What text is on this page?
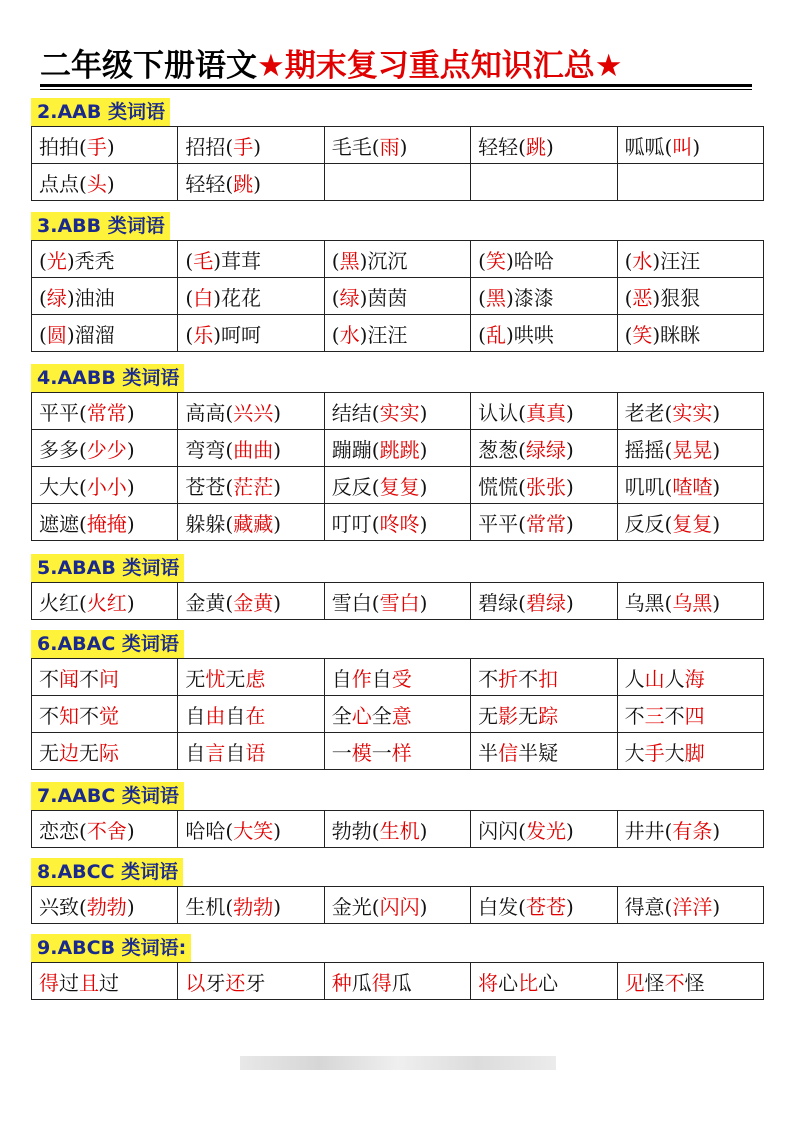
二年级下册语文★期末复习重点知识汇总★
2.AAB 类词语
拍拍(手)	招招(手)	毛毛(雨)	轻轻(跳)	呱呱(叫)
点点(头)	轻轻(跳)			
3.ABB 类词语
(光)秃秃	(毛)茸茸	(黑)沉沉	(笑)哈哈	(水)汪汪
(绿)油油	(白)花花	(绿)茵茵	(黑)漆漆	(恶)狠狠
(圆)溜溜	(乐)呵呵	(水)汪汪	(乱)哄哄	(笑)眯眯
4.AABB 类词语
平平(常常)	高高(兴兴)	结结(实实)	认认(真真)	老老(实实)
多多(少少)	弯弯(曲曲)	蹦蹦(跳跳)	葱葱(绿绿)	摇摇(晃晃)
大大(小小)	苍苍(茫茫)	反反(复复)	慌慌(张张)	叽叽(喳喳)
遮遮(掩掩)	躲躲(藏藏)	叮叮(咚咚)	平平(常常)	反反(复复)
5.ABAB 类词语
火红(火红)	金黄(金黄)	雪白(雪白)	碧绿(碧绿)	乌黑(乌黑)
6.ABAC 类词语
不闻不问	无忧无虑	自作自受	不折不扣	人山人海
不知不觉	自由自在	全心全意	无影无踪	不三不四
无边无际	自言自语	一模一样	半信半疑	大手大脚
7.AABC 类词语
恋恋(不舍)	哈哈(大笑)	勃勃(生机)	闪闪(发光)	井井(有条)
8.ABCC 类词语
兴致(勃勃)	生机(勃勃)	金光(闪闪)	白发(苍苍)	得意(洋洋)
9.ABCB 类词语:
得过且过	以牙还牙	种瓜得瓜	将心比心	见怪不怪
